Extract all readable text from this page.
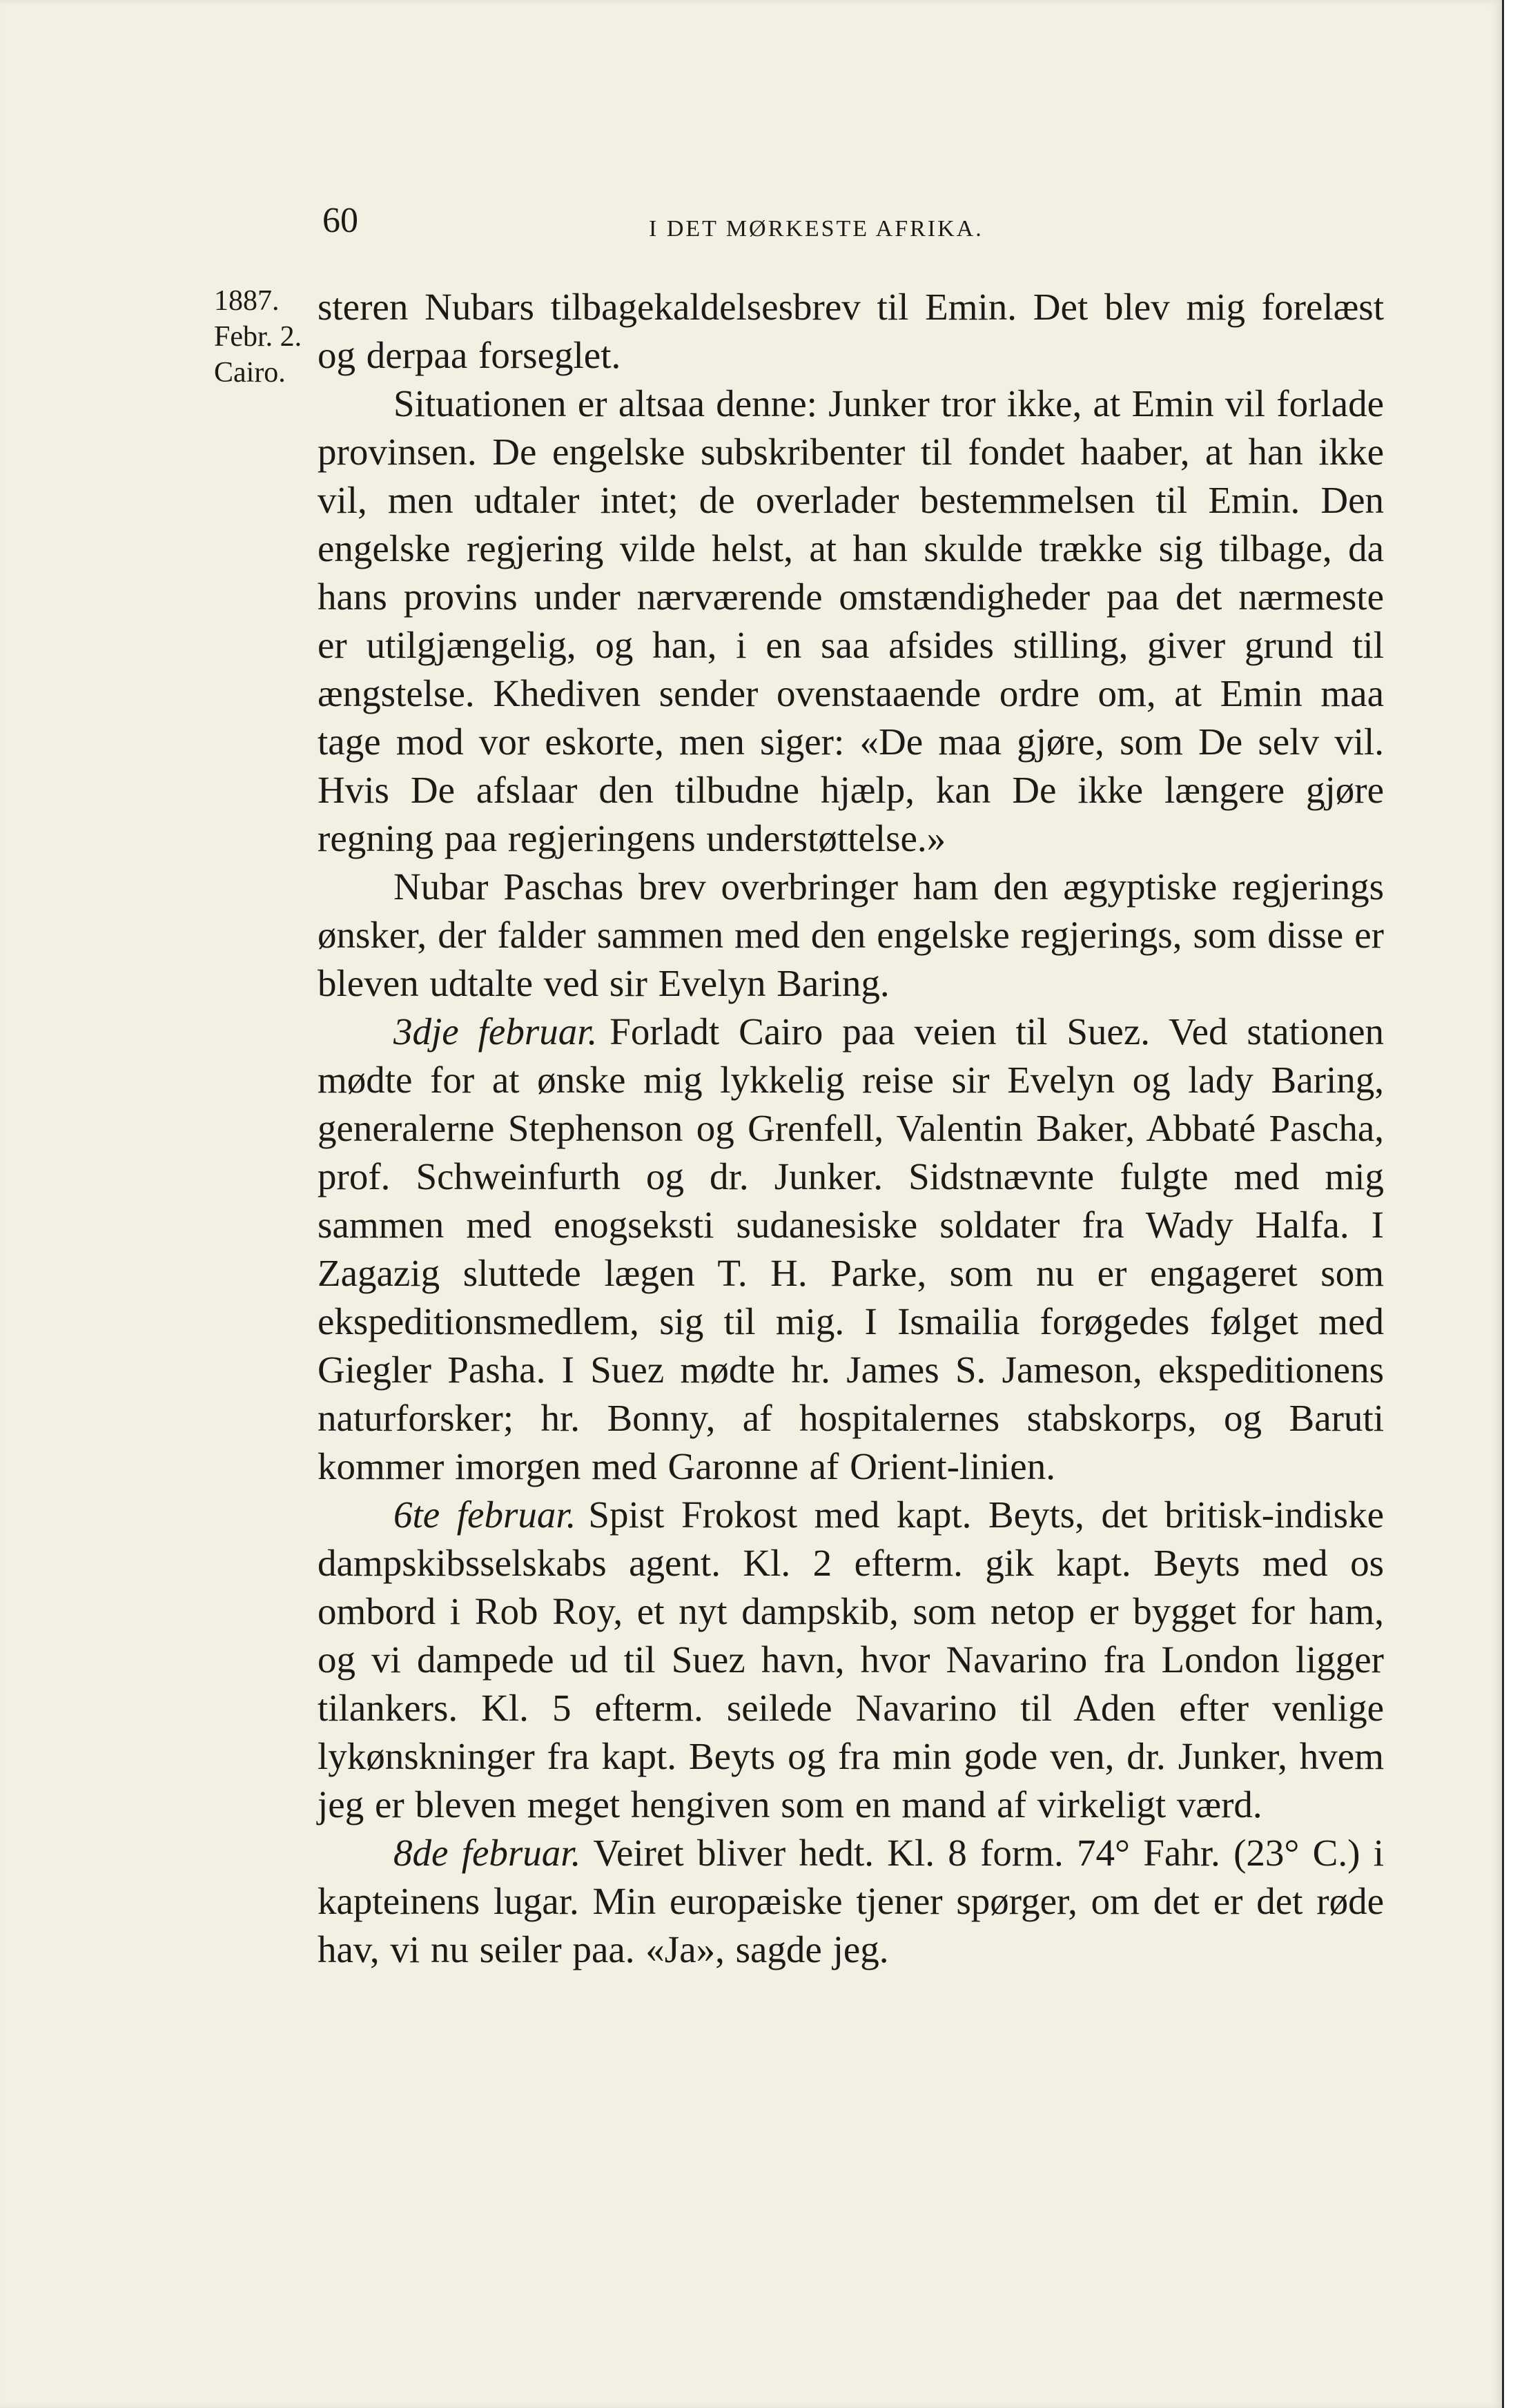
60	I DET MØRKESTE AFRIKA.
1887.
Febr. 2.
Cairo.

steren Nubars tilbagekaldelsesbrev til Emin. Det blev mig forelæst og derpaa forseglet.

Situationen er altsaa denne: Junker tror ikke, at Emin vil forlade provinsen. De engelske subskribenter til fondet haaber, at han ikke vil, men udtaler intet; de overlader bestemmelsen til Emin. Den engelske regjering vilde helst, at han skulde trække sig tilbage, da hans provins under nærværende omstændigheder paa det nærmeste er utilgjængelig, og han, i en saa afsides stilling, giver grund til ængstelse. Khediven sender ovenstaaende ordre om, at Emin maa tage mod vor eskorte, men siger: «De maa gjøre, som De selv vil. Hvis De afslaar den tilbudne hjælp, kan De ikke længere gjøre regning paa regjeringens understøttelse.»

Nubar Paschas brev overbringer ham den ægyptiske regjerings ønsker, der falder sammen med den engelske regjerings, som disse er bleven udtalte ved sir Evelyn Baring.

3dje februar. Forladt Cairo paa veien til Suez. Ved stationen mødte for at ønske mig lykkelig reise sir Evelyn og lady Baring, generalerne Stephenson og Grenfell, Valentin Baker, Abbaté Pascha, prof. Schweinfurth og dr. Junker. Sidstnævnte fulgte med mig sammen med enogseksti sudanesiske soldater fra Wady Halfa. I Zagazig sluttede lægen T. H. Parke, som nu er engageret som ekspeditionsmedlem, sig til mig. I Ismailia forøgedes følget med Giegler Pasha. I Suez mødte hr. James S. Jameson, ekspeditionens naturforsker; hr. Bonny, af hospitalernes stabskorps, og Baruti kommer imorgen med Garonne af Orient-linien.

6te februar. Spist Frokost med kapt. Beyts, det britisk-indiske dampskibsselskabs agent. Kl. 2 efterm. gik kapt. Beyts med os ombord i Rob Roy, et nyt dampskib, som netop er bygget for ham, og vi dampede ud til Suez havn, hvor Navarino fra London ligger tilankers. Kl. 5 efterm. seilede Navarino til Aden efter venlige lykønskninger fra kapt. Beyts og fra min gode ven, dr. Junker, hvem jeg er bleven meget hengiven som en mand af virkeligt værd.

8de februar. Veiret bliver hedt. Kl. 8 form. 74° Fahr. (23° C.) i kapteinens lugar. Min europæiske tjener spørger, om det er det røde hav, vi nu seiler paa. «Ja», sagde jeg.
